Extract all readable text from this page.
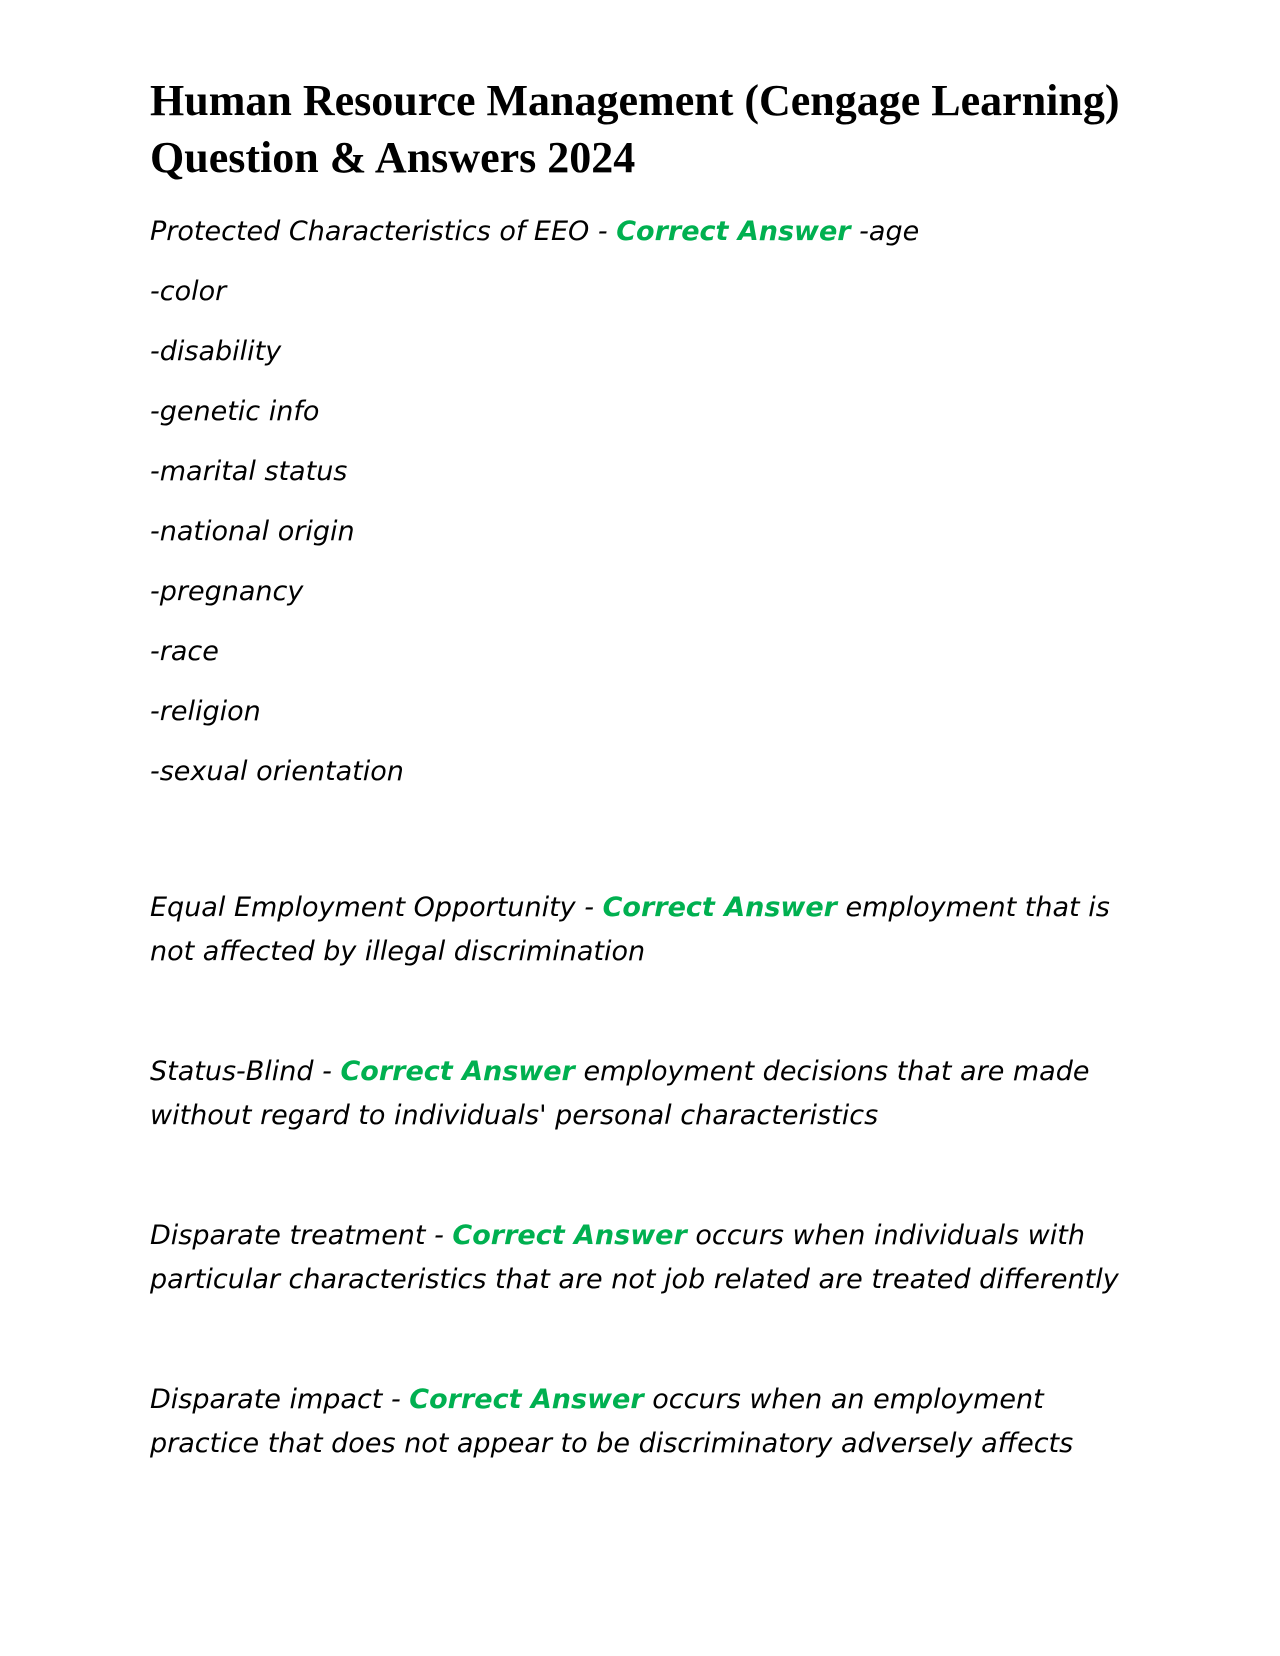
Human Resource Management (Cengage Learning) Question & Answers 2024
Protected Characteristics of EEO - Correct Answer -age
-color
-disability
-genetic info
-marital status
-national origin
-pregnancy
-race
-religion
-sexual orientation

Equal Employment Opportunity - Correct Answer employment that is not affected by illegal discrimination

Status-Blind - Correct Answer employment decisions that are made without regard to individuals' personal characteristics

Disparate treatment - Correct Answer occurs when individuals with particular characteristics that are not job related are treated differently

Disparate impact - Correct Answer occurs when an employment practice that does not appear to be discriminatory adversely affects
